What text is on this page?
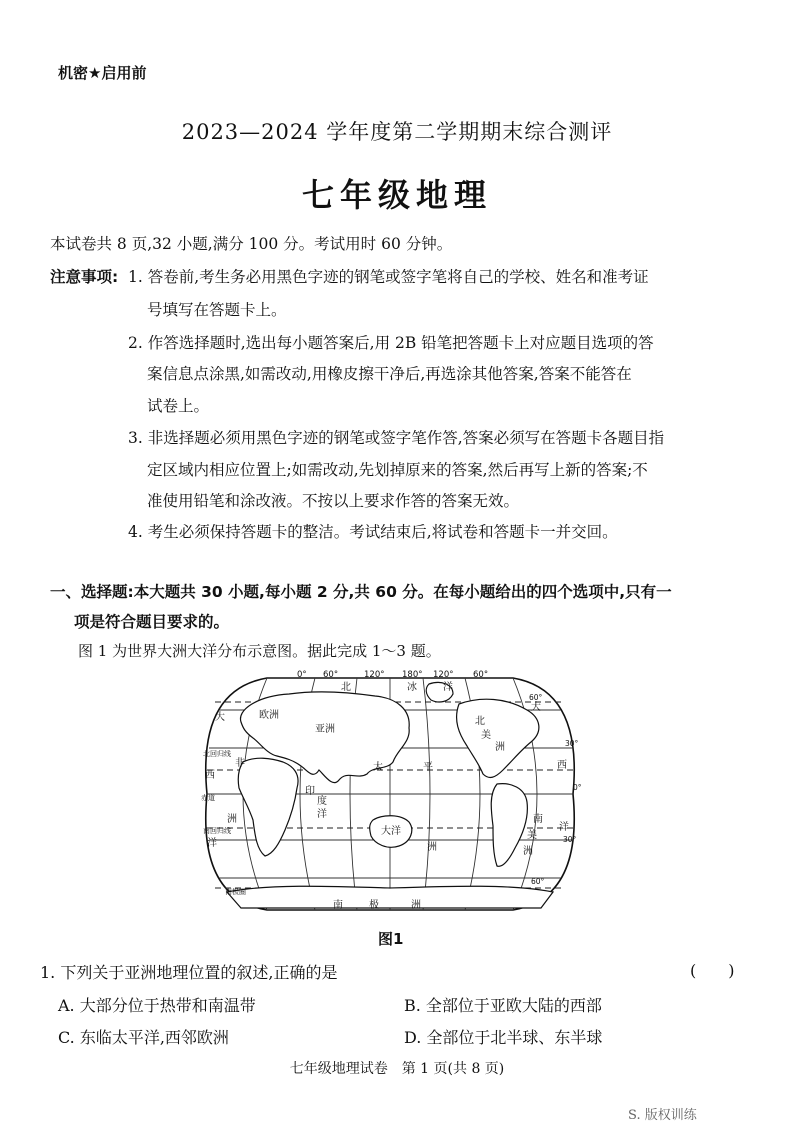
机密★启用前
2023—2024 学年度第二学期期末综合测评
七年级地理
本试卷共 8 页,32 小题,满分 100 分。考试用时 60 分钟。
注意事项: 1. 答卷前,考生务必用黑色字迹的钢笔或签字笔将自己的学校、姓名和准考证
号填写在答题卡上。
2. 作答选择题时,选出每小题答案后,用 2B 铅笔把答题卡上对应题目选项的答
案信息点涂黑,如需改动,用橡皮擦干净后,再选涂其他答案,答案不能答在
试卷上。
3. 非选择题必须用黑色字迹的钢笔或签字笔作答,答案必须写在答题卡各题目指
定区域内相应位置上;如需改动,先划掉原来的答案,然后再写上新的答案;不
准使用铅笔和涂改液。不按以上要求作答的答案无效。
4. 考生必须保持答题卡的整洁。考试结束后,将试卷和答题卡一并交回。
一、选择题:本大题共 30 小题,每小题 2 分,共 60 分。在每小题给出的四个选项中,只有一
项是符合题目要求的。
图 1 为世界大洲大洋分布示意图。据此完成 1～3 题。
0° 60°
北
120° 180°
冰	洋
120° 60°
欧洲
亚洲
北
美
洲
大洋
洲
南
美
洲
南	极	洲
太	平
印
度
洋
大
西
洋
大
西
洋
非
洲
北回归线
赤道
南回归线
南极圈
60°
30°
0°
30°
60°
图1
1. 下列关于亚洲地理位置的叙述,正确的是	(　　)
A. 大部分位于热带和南温带	B. 全部位于亚欧大陆的西部
C. 东临太平洋,西邻欧洲	D. 全部位于北半球、东半球
七年级地理试卷　第 1 页(共 8 页)
S. 版权训练
